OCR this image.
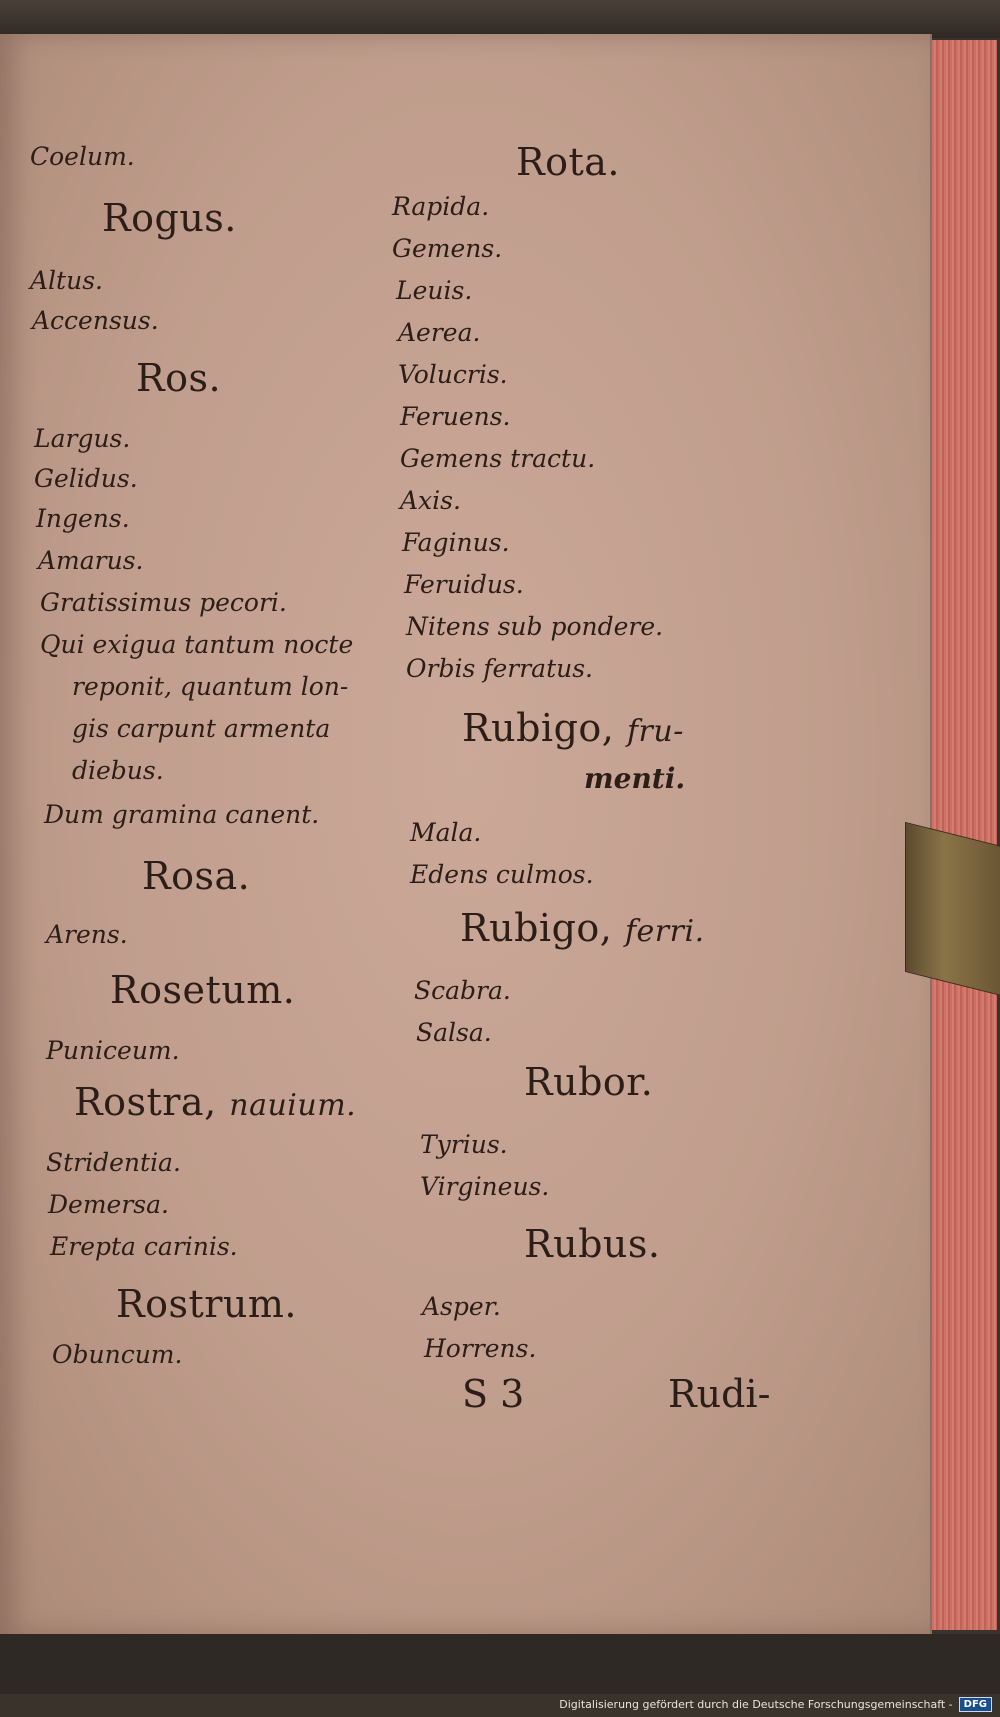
Coelum.
Rogus.
Altus.
Accensus.
Ros.
Largus.
Gelidus.
Ingens.
Amarus.
Gratissimus pecori.
Qui exigua tantum nocte
reponit, quantum lon-
gis carpunt armenta
diebus.
Dum gramina canent.
Rosa.
Arens.
Rosetum.
Puniceum.
Rostra, nauium.
Stridentia.
Demersa.
Erepta carinis.
Rostrum.
Obuncum.
Rota.
Rapida.
Gemens.
Leuis.
Aerea.
Volucris.
Feruens.
Gemens tractu.
Axis.
Faginus.
Feruidus.
Nitens sub pondere.
Orbis ferratus.
Rubigo, fru-
menti.
Mala.
Edens culmos.
Rubigo, ferri.
Scabra.
Salsa.
Rubor.
Tyrius.
Virgineus.
Rubus.
Asper.
Horrens.
S 3	Rudi-
Digitalisierung gefördert durch die Deutsche Forschungsgemeinschaft -	DFG
